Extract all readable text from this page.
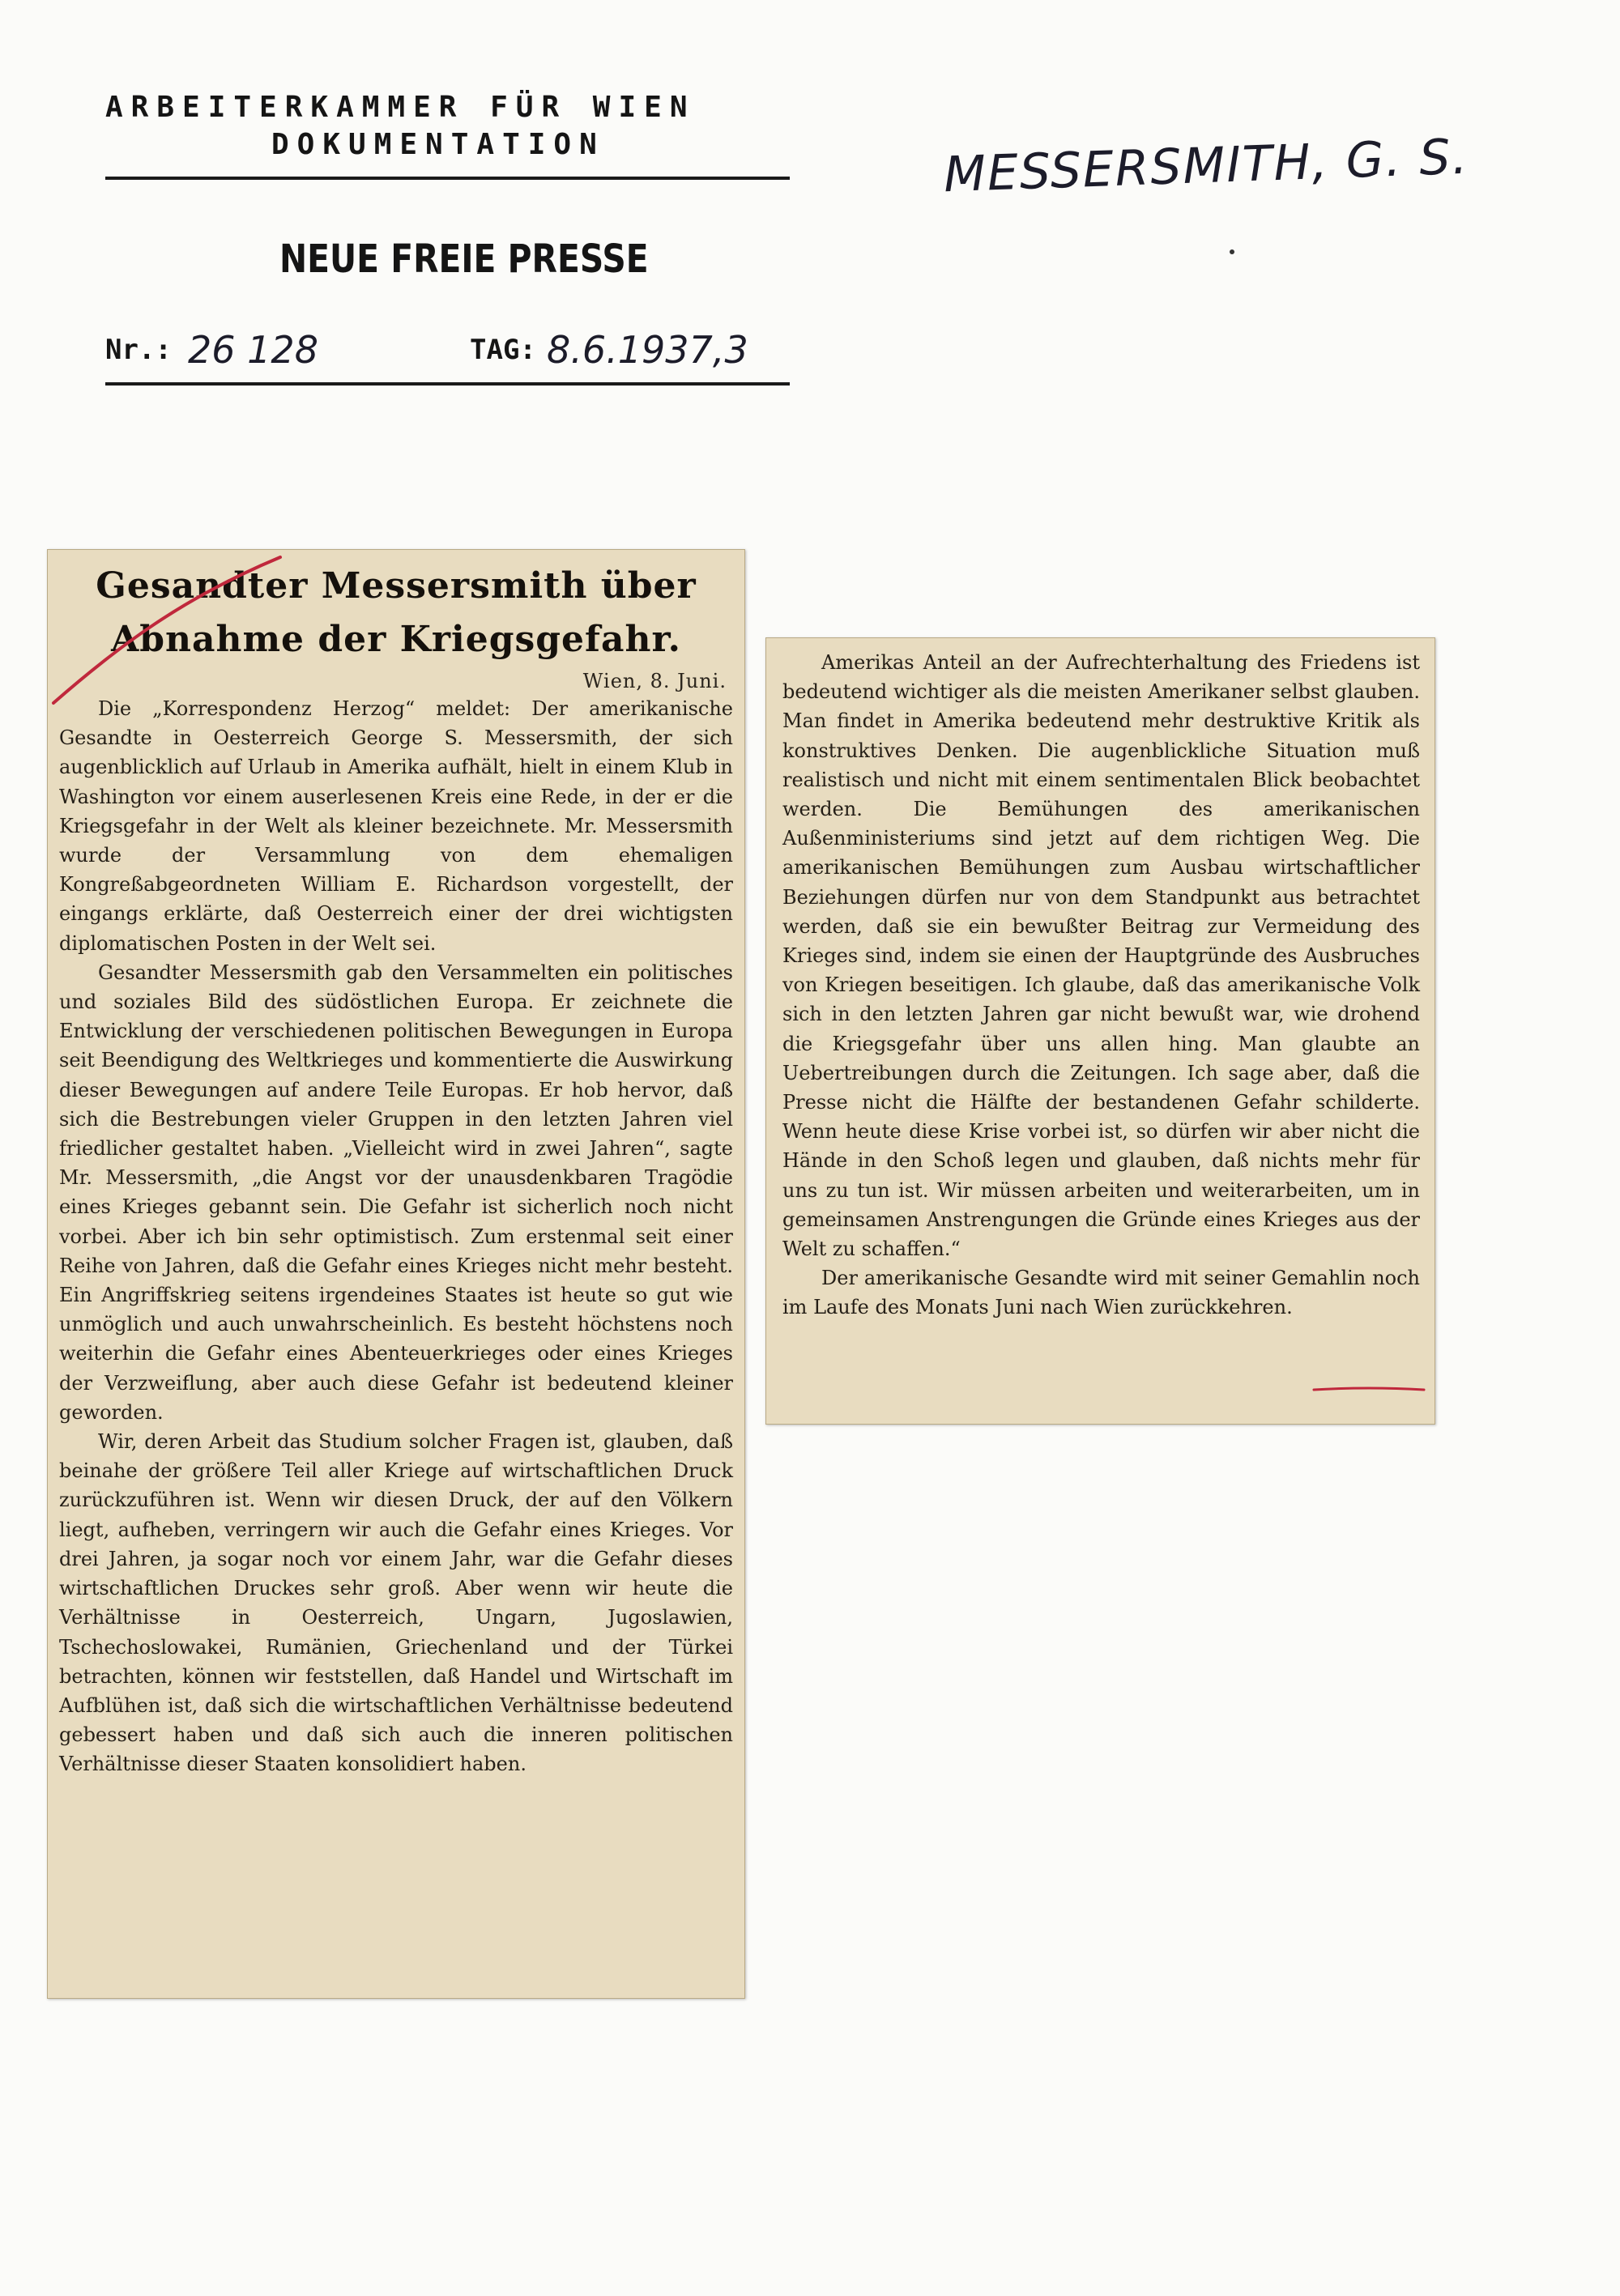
ARBEITERKAMMER FÜR WIEN
DOKUMENTATION
NEUE FREIE PRESSE
Nr.: 26 128	TAG: 8.6.1937,3
MESSERSMITH, G. S.
Gesandter Messersmith über Abnahme der Kriegsgefahr.
Wien, 8. Juni.

Die „Korrespondenz Herzog“ meldet: Der amerikanische Gesandte in Oesterreich George S. Messersmith, der sich augenblicklich auf Urlaub in Amerika aufhält, hielt in einem Klub in Washington vor einem auserlesenen Kreis eine Rede, in der er die Kriegsgefahr in der Welt als kleiner bezeichnete. Mr. Messersmith wurde der Versammlung von dem ehemaligen Kongreßabgeordneten William E. Richardson vorgestellt, der eingangs erklärte, daß Oesterreich einer der drei wichtigsten diplomatischen Posten in der Welt sei.

Gesandter Messersmith gab den Versammelten ein politisches und soziales Bild des südöstlichen Europa. Er zeichnete die Entwicklung der verschiedenen politischen Bewegungen in Europa seit Beendigung des Weltkrieges und kommentierte die Auswirkung dieser Bewegungen auf andere Teile Europas. Er hob hervor, daß sich die Bestrebungen vieler Gruppen in den letzten Jahren viel friedlicher gestaltet haben. „Vielleicht wird in zwei Jahren“, sagte Mr. Messersmith, „die Angst vor der unausdenkbaren Tragödie eines Krieges gebannt sein. Die Gefahr ist sicherlich noch nicht vorbei. Aber ich bin sehr optimistisch. Zum erstenmal seit einer Reihe von Jahren, daß die Gefahr eines Krieges nicht mehr besteht. Ein Angriffskrieg seitens irgendeines Staates ist heute so gut wie unmöglich und auch unwahrscheinlich. Es besteht höchstens noch weiterhin die Gefahr eines Abenteuerkrieges oder eines Krieges der Verzweiflung, aber auch diese Gefahr ist bedeutend kleiner geworden.

Wir, deren Arbeit das Studium solcher Fragen ist, glauben, daß beinahe der größere Teil aller Kriege auf wirtschaftlichen Druck zurückzuführen ist. Wenn wir diesen Druck, der auf den Völkern liegt, aufheben, verringern wir auch die Gefahr eines Krieges. Vor drei Jahren, ja sogar noch vor einem Jahr, war die Gefahr dieses wirtschaftlichen Druckes sehr groß. Aber wenn wir heute die Verhältnisse in Oesterreich, Ungarn, Jugoslawien, Tschechoslowakei, Rumänien, Griechenland und der Türkei betrachten, können wir feststellen, daß Handel und Wirtschaft im Aufblühen ist, daß sich die wirtschaftlichen Verhältnisse bedeutend gebessert haben und daß sich auch die inneren politischen Verhältnisse dieser Staaten konsolidiert haben.

Amerikas Anteil an der Aufrechterhaltung des Friedens ist bedeutend wichtiger als die meisten Amerikaner selbst glauben. Man findet in Amerika bedeutend mehr destruktive Kritik als konstruktives Denken. Die augenblickliche Situation muß realistisch und nicht mit einem sentimentalen Blick beobachtet werden. Die Bemühungen des amerikanischen Außenministeriums sind jetzt auf dem richtigen Weg. Die amerikanischen Bemühungen zum Ausbau wirtschaftlicher Beziehungen dürfen nur von dem Standpunkt aus betrachtet werden, daß sie ein bewußter Beitrag zur Vermeidung des Krieges sind, indem sie einen der Hauptgründe des Ausbruches von Kriegen beseitigen. Ich glaube, daß das amerikanische Volk sich in den letzten Jahren gar nicht bewußt war, wie drohend die Kriegsgefahr über uns allen hing. Man glaubte an Uebertreibungen durch die Zeitungen. Ich sage aber, daß die Presse nicht die Hälfte der bestandenen Gefahr schilderte. Wenn heute diese Krise vorbei ist, so dürfen wir aber nicht die Hände in den Schoß legen und glauben, daß nichts mehr für uns zu tun ist. Wir müssen arbeiten und weiterarbeiten, um in gemeinsamen Anstrengungen die Gründe eines Krieges aus der Welt zu schaffen.“

Der amerikanische Gesandte wird mit seiner Gemahlin noch im Laufe des Monats Juni nach Wien zurückkehren.
